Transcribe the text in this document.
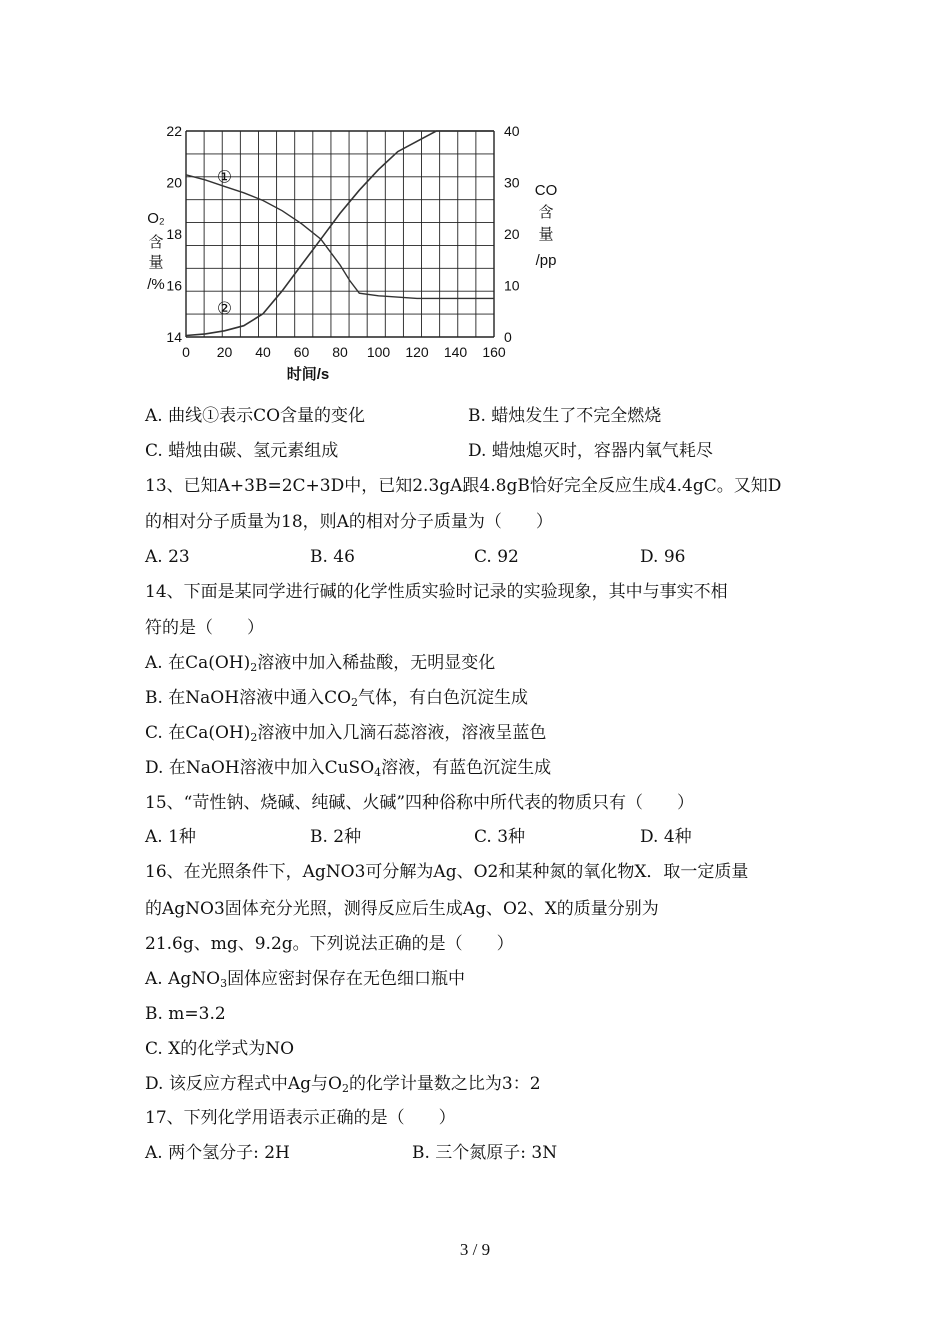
0 20 40 60 80 100 120 140 160
14
16
18
20
22
0
10
20
30
40
时间/s
O₂
含
量
/%
CO
含
量
/pp
①
②
A. 曲线①表示CO含量的变化	B. 蜡烛发生了不完全燃烧
C. 蜡烛由碳、氢元素组成	D. 蜡烛熄灭时，容器内氧气耗尽
13、已知A+3B=2C+3D中，已知2.3gA跟4.8gB恰好完全反应生成4.4gC。又知D
的相对分子质量为18，则A的相对分子质量为（　　）
A. 23	B. 46	C. 92	D. 96
14、下面是某同学进行碱的化学性质实验时记录的实验现象，其中与事实不相
符的是（　　）
A. 在$Ca(OH)_2$溶液中加入稀盐酸，无明显变化
B. 在NaOH溶液中通入$CO_2$气体，有白色沉淀生成
C. 在$Ca(OH)_2$溶液中加入几滴石蕊溶液，溶液呈蓝色
D. 在NaOH溶液中加入CuSO$_4$溶液，有蓝色沉淀生成
15、“苛性钠、烧碱、纯碱、火碱”四种俗称中所代表的物质只有（　　）
A. 1种	B. 2种	C. 3种	D. 4种
16、在光照条件下，AgNO3可分解为Ag、O2和某种氮的氧化物X．取一定质量
的AgNO3固体充分光照，测得反应后生成Ag、O2、X的质量分别为
21.6g、mg、9.2g。下列说法正确的是（　　）
A. AgNO$_3$固体应密封保存在无色细口瓶中
B. m=3.2
C. X的化学式为NO
D. 该反应方程式中Ag与$O_2$的化学计量数之比为3：2
17、下列化学用语表示正确的是（　　）
A. 两个氢分子: 2H	B. 三个氮原子: 3N
3 / 9
